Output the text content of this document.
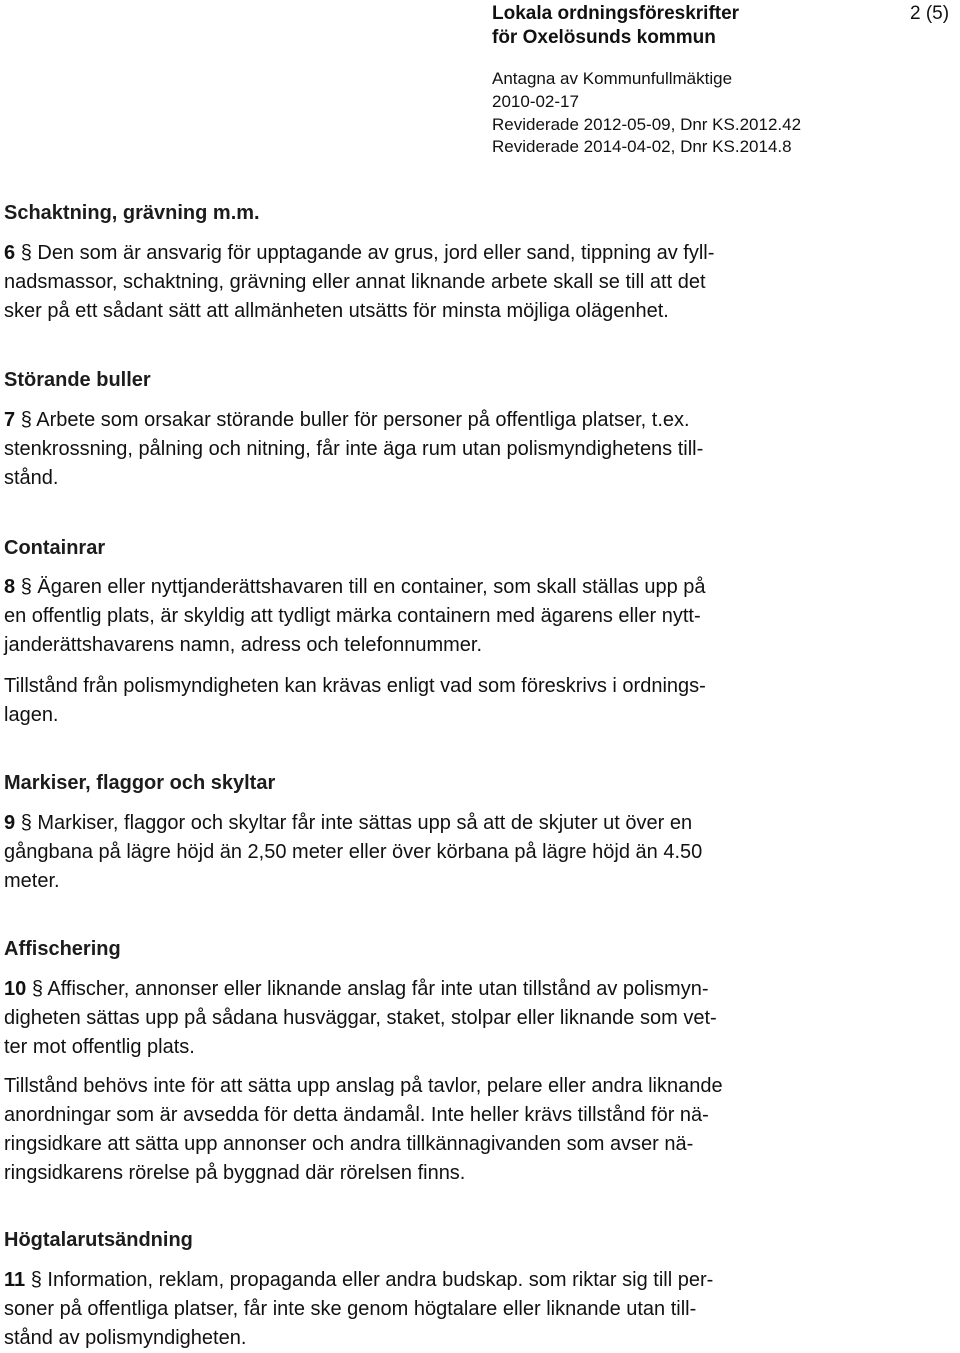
Lokala ordningsföreskrifter
för Oxelösunds kommun
2 (5)
Antagna av Kommunfullmäktige
2010-02-17
Reviderade 2012-05-09, Dnr KS.2012.42
Reviderade 2014-04-02, Dnr KS.2014.8
Schaktning, grävning m.m.
6 § Den som är ansvarig för upptagande av grus, jord eller sand, tippning av fyll-
nadsmassor, schaktning, grävning eller annat liknande arbete skall se till att det
sker på ett sådant sätt att allmänheten utsätts för minsta möjliga olägenhet.
Störande buller
7 § Arbete som orsakar störande buller för personer på offentliga platser, t.ex.
stenkrossning, pålning och nitning, får inte äga rum utan polismyndighetens till-
stånd.
Containrar
8 § Ägaren eller nyttjanderättshavaren till en container, som skall ställas upp på
en offentlig plats, är skyldig att tydligt märka containern med ägarens eller nytt-
janderättshavarens namn, adress och telefonnummer.
Tillstånd från polismyndigheten kan krävas enligt vad som föreskrivs i ordnings-
lagen.
Markiser, flaggor och skyltar
9 § Markiser, flaggor och skyltar får inte sättas upp så att de skjuter ut över en
gångbana på lägre höjd än 2,50 meter eller över körbana på lägre höjd än 4.50
meter.
Affischering
10 § Affischer, annonser eller liknande anslag får inte utan tillstånd av polismyn-
digheten sättas upp på sådana husväggar, staket, stolpar eller liknande som vet-
ter mot offentlig plats.
Tillstånd behövs inte för att sätta upp anslag på tavlor, pelare eller andra liknande
anordningar som är avsedda för detta ändamål. Inte heller krävs tillstånd för nä-
ringsidkare att sätta upp annonser och andra tillkännagivanden som avser nä-
ringsidkarens rörelse på byggnad där rörelsen finns.
Högtalarutsändning
11 § Information, reklam, propaganda eller andra budskap. som riktar sig till per-
soner på offentliga platser, får inte ske genom högtalare eller liknande utan till-
stånd av polismyndigheten.
